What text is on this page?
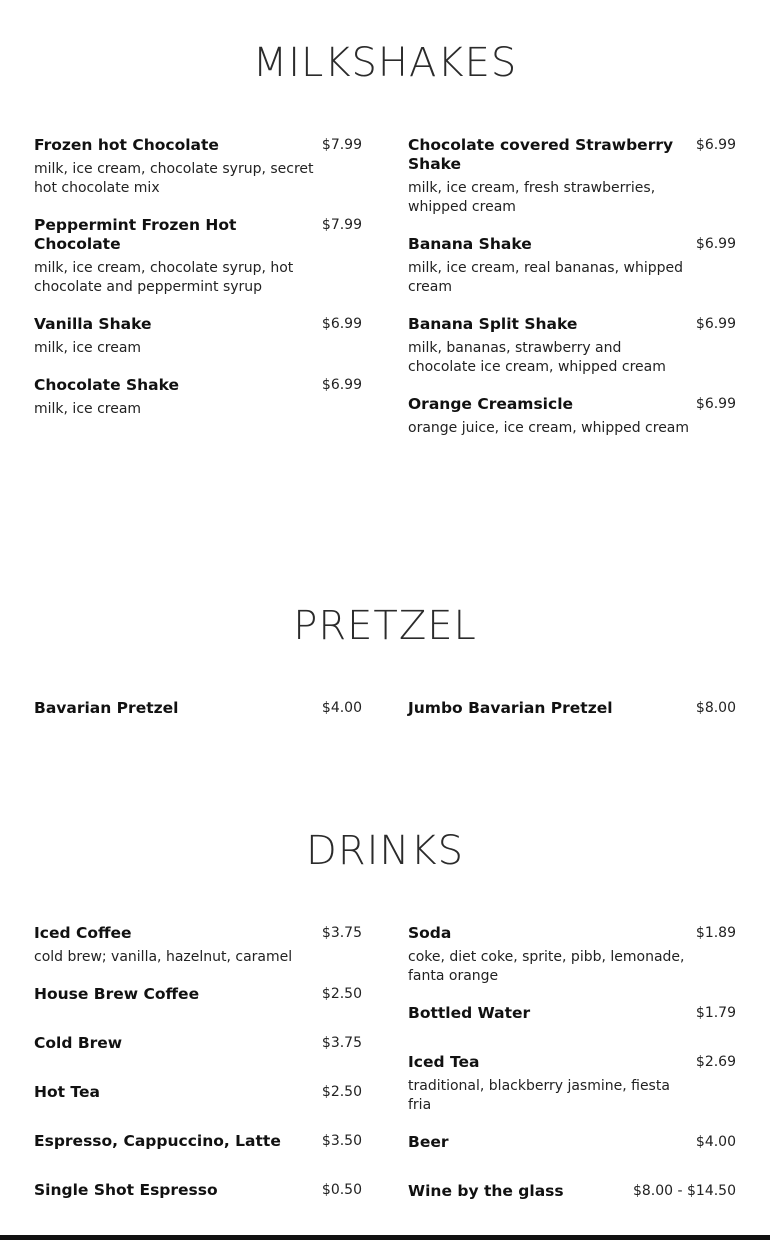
MILKSHAKES
Frozen hot Chocolate	$7.99
milk, ice cream, chocolate syrup, secret hot chocolate mix
Peppermint Frozen Hot Chocolate
$7.99
milk, ice cream, chocolate syrup, hot chocolate and peppermint syrup
Vanilla Shake	$6.99
milk, ice cream
Chocolate Shake	$6.99
milk, ice cream
Chocolate covered Strawberry Shake
$6.99
milk, ice cream, fresh strawberries, whipped cream
Banana Shake	$6.99
milk, ice cream, real bananas, whipped cream
Banana Split Shake	$6.99
milk, bananas, strawberry and chocolate ice cream, whipped cream
Orange Creamsicle	$6.99
orange juice, ice cream, whipped cream
PRETZEL
Bavarian Pretzel	$4.00	Jumbo Bavarian Pretzel	$8.00
DRINKS
Iced Coffee	$3.75
cold brew; vanilla, hazelnut, caramel
House Brew Coffee	$2.50
Cold Brew	$3.75
Hot Tea	$2.50
Espresso, Cappuccino, Latte	$3.50
Single Shot Espresso	$0.50
Soda	$1.89
coke, diet coke, sprite, pibb, lemonade, fanta orange
Bottled Water	$1.79
Iced Tea	$2.69
traditional, blackberry jasmine, fiesta fria
Beer	$4.00
Wine by the glass	$8.00 - $14.50
